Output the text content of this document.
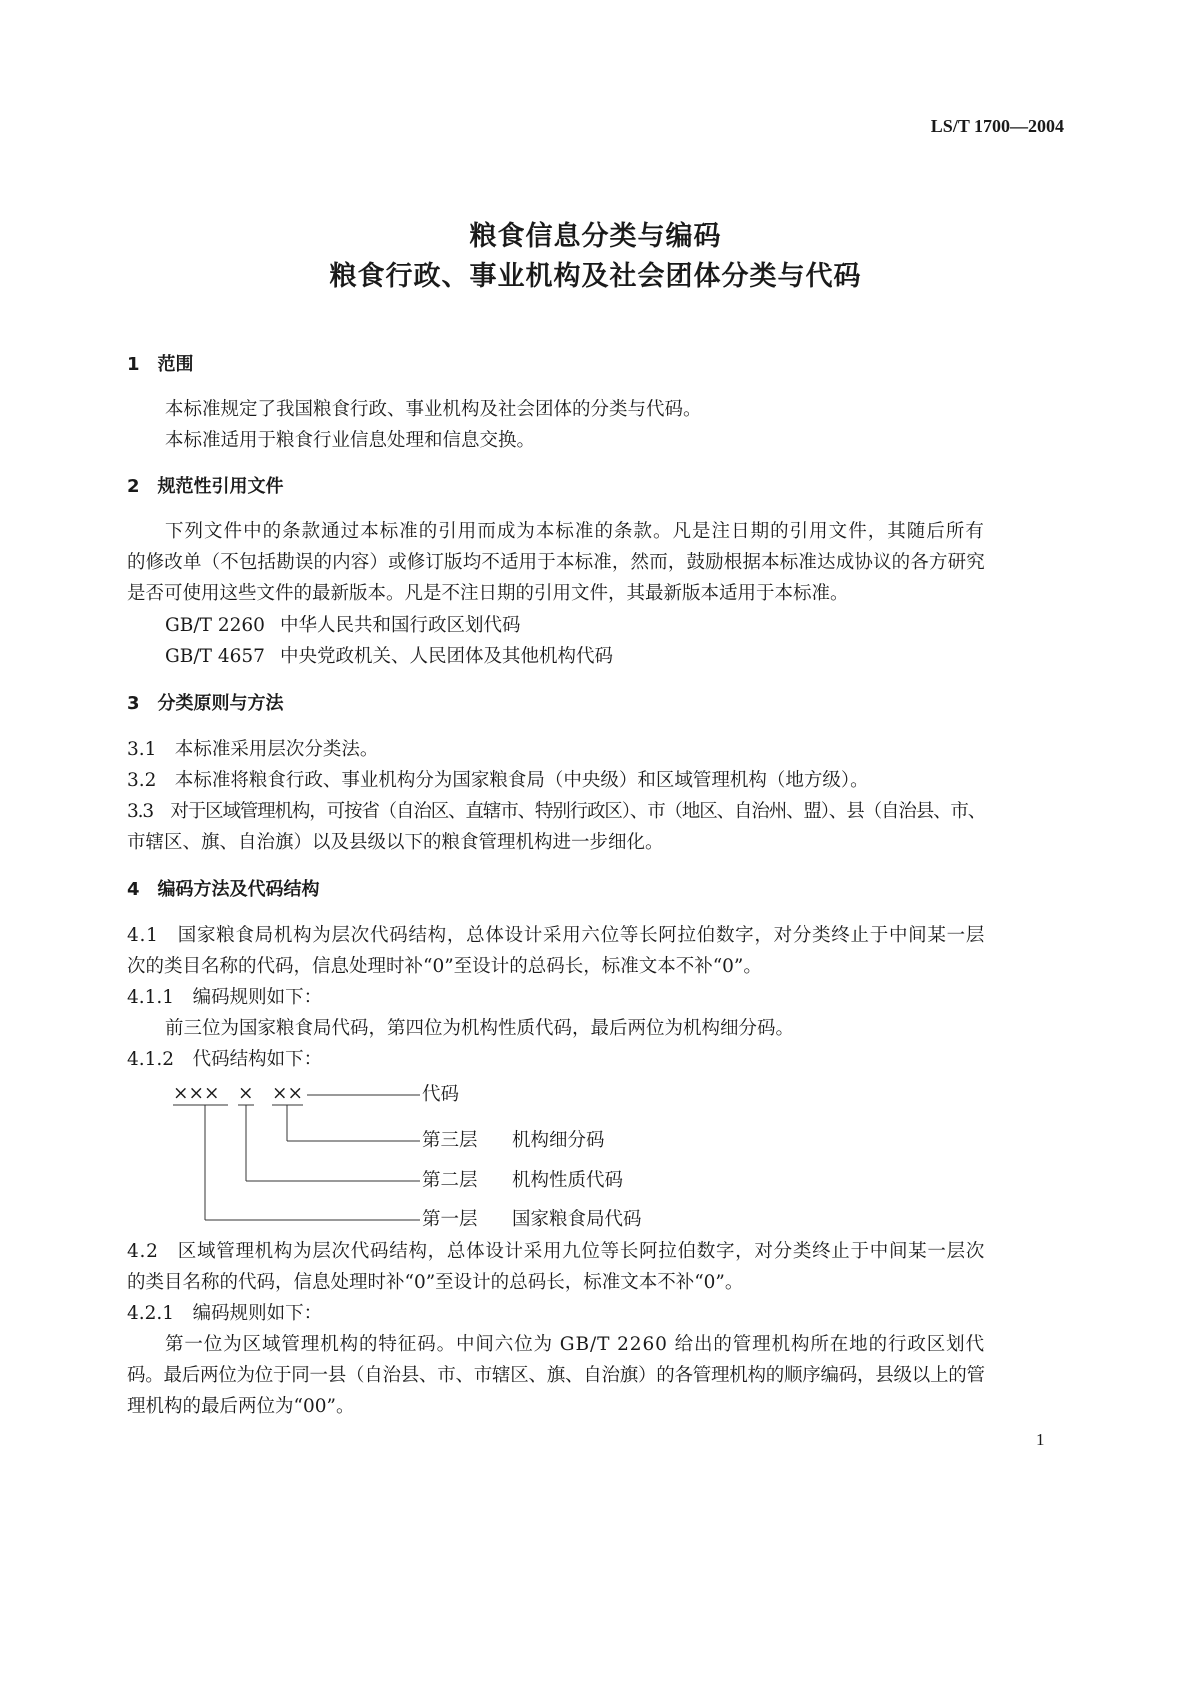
LS/T 1700—2004
粮食信息分类与编码
粮食行政、事业机构及社会团体分类与代码
1　范围
本标准规定了我国粮食行政、事业机构及社会团体的分类与代码。
本标准适用于粮食行业信息处理和信息交换。
2　规范性引用文件
下列文件中的条款通过本标准的引用而成为本标准的条款。凡是注日期的引用文件，其随后所有
的修改单（不包括勘误的内容）或修订版均不适用于本标准，然而，鼓励根据本标准达成协议的各方研究
是否可使用这些文件的最新版本。凡是不注日期的引用文件，其最新版本适用于本标准。
GB/T 2260 中华人民共和国行政区划代码
GB/T 4657 中央党政机关、人民团体及其他机构代码
3　分类原则与方法
3.1　本标准采用层次分类法。
3.2　本标准将粮食行政、事业机构分为国家粮食局（中央级）和区域管理机构（地方级）。
3.3　对于区域管理机构，可按省（自治区、直辖市、特别行政区）、市（地区、自治州、盟）、县（自治县、市、
市辖区、旗、自治旗）以及县级以下的粮食管理机构进一步细化。
4　编码方法及代码结构
4.1　国家粮食局机构为层次代码结构，总体设计采用六位等长阿拉伯数字，对分类终止于中间某一层
次的类目名称的代码，信息处理时补“0”至设计的总码长，标准文本不补“0”。
4.1.1　编码规则如下：
前三位为国家粮食局代码，第四位为机构性质代码，最后两位为机构细分码。
4.1.2　代码结构如下：
××× × ××	代码
第三层 机构细分码
第二层 机构性质代码
第一层 国家粮食局代码
4.2　区域管理机构为层次代码结构，总体设计采用九位等长阿拉伯数字，对分类终止于中间某一层次
的类目名称的代码，信息处理时补“0”至设计的总码长，标准文本不补“0”。
4.2.1　编码规则如下：
第一位为区域管理机构的特征码。中间六位为 GB/T 2260 给出的管理机构所在地的行政区划代
码。最后两位为位于同一县（自治县、市、市辖区、旗、自治旗）的各管理机构的顺序编码，县级以上的管
理机构的最后两位为“00”。
1
